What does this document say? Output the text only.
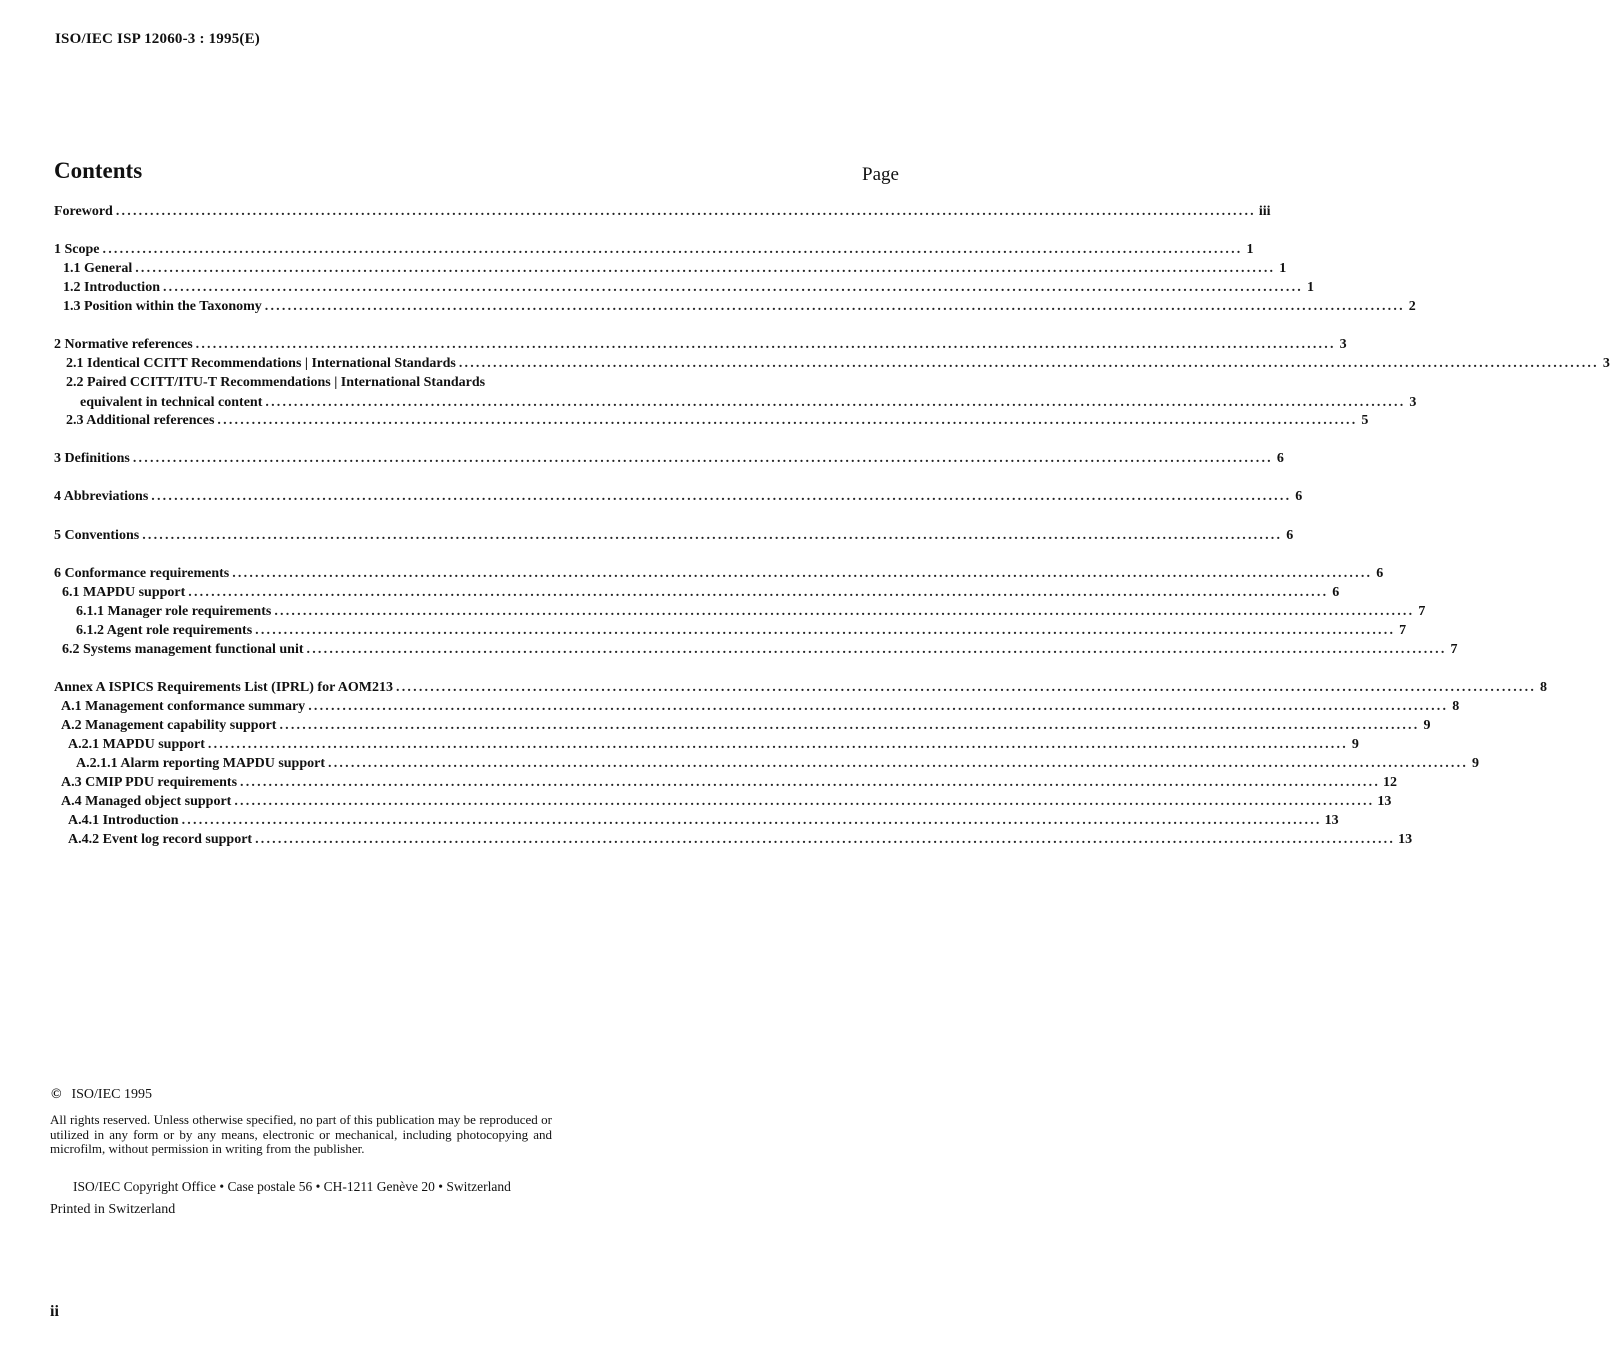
ISO/IEC ISP 12060-3 : 1995(E)
Contents	Page
Foreword ........................................................................................................................................................................................................ iii
1 Scope ........................................................................................................................................................................................................ 1
1.1 General ........................................................................................................................................................................................................ 1
1.2 Introduction ........................................................................................................................................................................................................ 1
1.3 Position within the Taxonomy ........................................................................................................................................................................................................ 2
2 Normative references ........................................................................................................................................................................................................ 3
2.1 Identical CCITT Recommendations | International Standards ........................................................................................................................................................................................................ 3
2.2 Paired CCITT/ITU-T Recommendations | International Standards
equivalent in technical content ........................................................................................................................................................................................................ 3
2.3 Additional references ........................................................................................................................................................................................................ 5
3 Definitions ........................................................................................................................................................................................................ 6
4 Abbreviations ........................................................................................................................................................................................................ 6
5 Conventions ........................................................................................................................................................................................................ 6
6 Conformance requirements ........................................................................................................................................................................................................ 6
6.1 MAPDU support ........................................................................................................................................................................................................ 6
6.1.1 Manager role requirements ........................................................................................................................................................................................................ 7
6.1.2 Agent role requirements ........................................................................................................................................................................................................ 7
6.2 Systems management functional unit ........................................................................................................................................................................................................ 7
Annex A ISPICS Requirements List (IPRL) for AOM213 ........................................................................................................................................................................................................ 8
A.1 Management conformance summary ........................................................................................................................................................................................................ 8
A.2 Management capability support ........................................................................................................................................................................................................ 9
A.2.1 MAPDU support ........................................................................................................................................................................................................ 9
A.2.1.1 Alarm reporting MAPDU support ........................................................................................................................................................................................................ 9
A.3 CMIP PDU requirements ........................................................................................................................................................................................................ 12
A.4 Managed object support ........................................................................................................................................................................................................ 13
A.4.1 Introduction ........................................................................................................................................................................................................ 13
A.4.2 Event log record support ........................................................................................................................................................................................................ 13
© ISO/IEC 1995
All rights reserved. Unless otherwise specified, no part of this publication may be reproduced or utilized in any form or by any means, electronic or mechanical, including photocopying and microfilm, without permission in writing from the publisher.
ISO/IEC Copyright Office • Case postale 56 • CH-1211 Genève 20 • Switzerland
Printed in Switzerland
ii
